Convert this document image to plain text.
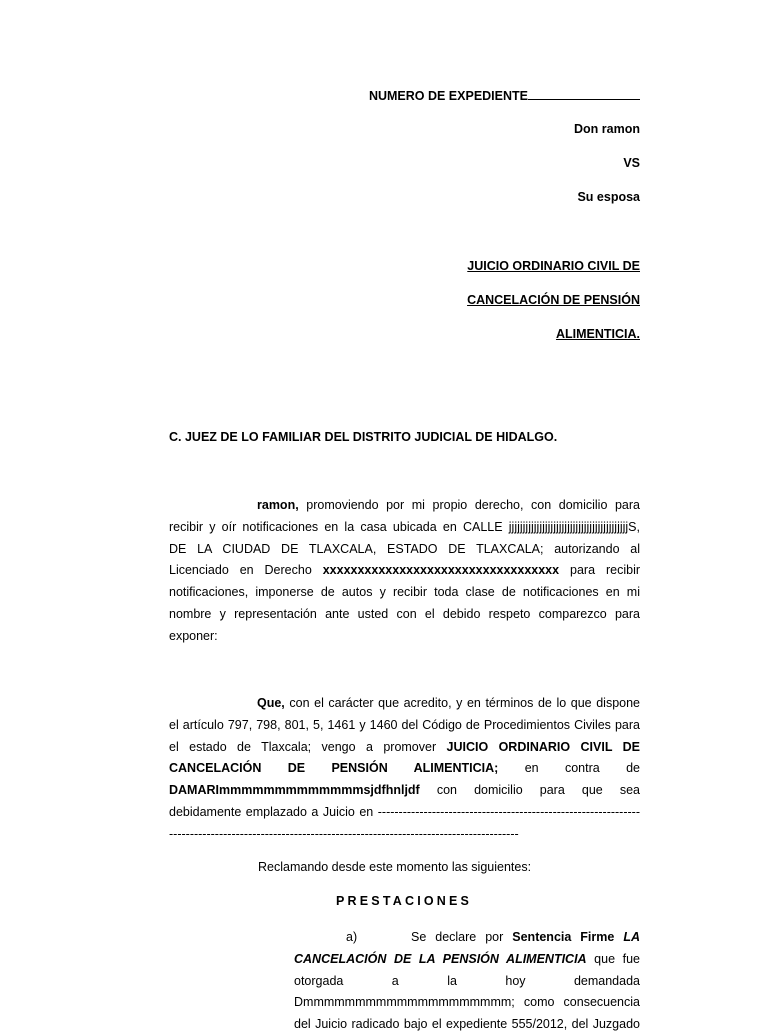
NUMERO DE EXPEDIENTE
Don ramon
VS
Su esposa
JUICIO ORDINARIO CIVIL DE
CANCELACIÓN DE PENSIÓN
ALIMENTICIA.
C. JUEZ DE LO FAMILIAR DEL DISTRITO JUDICIAL DE HIDALGO.
ramon, promoviendo por mi propio derecho, con domicilio para
recibir y oír notificaciones en la casa ubicada en CALLE jjjjjjjjjjjjjjjjjjjjjjjjjjjjjjjjjjjjjjjjjjjS,
DE LA CIUDAD DE TLAXCALA, ESTADO DE TLAXCALA; autorizando al
Licenciado en Derecho xxxxxxxxxxxxxxxxxxxxxxxxxxxxxxxxxx para recibir
notificaciones, imponerse de autos y recibir toda clase de notificaciones en mi
nombre y representación ante usted con el debido respeto comparezco para
exponer:
Que, con el carácter que acredito, y en términos de lo que dispone
el artículo 797, 798, 801, 5, 1461 y 1460 del Código de Procedimientos Civiles para
el estado de Tlaxcala; vengo a promover JUICIO ORDINARIO CIVIL DE
CANCELACIÓN DE PENSIÓN ALIMENTICIA; en contra de
DAMARImmmmmmmmmmmmmsjdfhnljdf con domicilio para que sea
debidamente emplazado a Juicio en ---------------------------------------------------------------
------------------------------------------------------------------------------------
Reclamando desde este momento las siguientes:
PRESTACIONES
a)      Se declare por Sentencia Firme LA
CANCELACIÓN DE LA PENSIÓN ALIMENTICIA que fue
otorgada a la hoy demandada
Dmmmmmmmmmmmmmmmmmmmm; como consecuencia
del Juicio radicado bajo el expediente 555/2012, del Juzgado
